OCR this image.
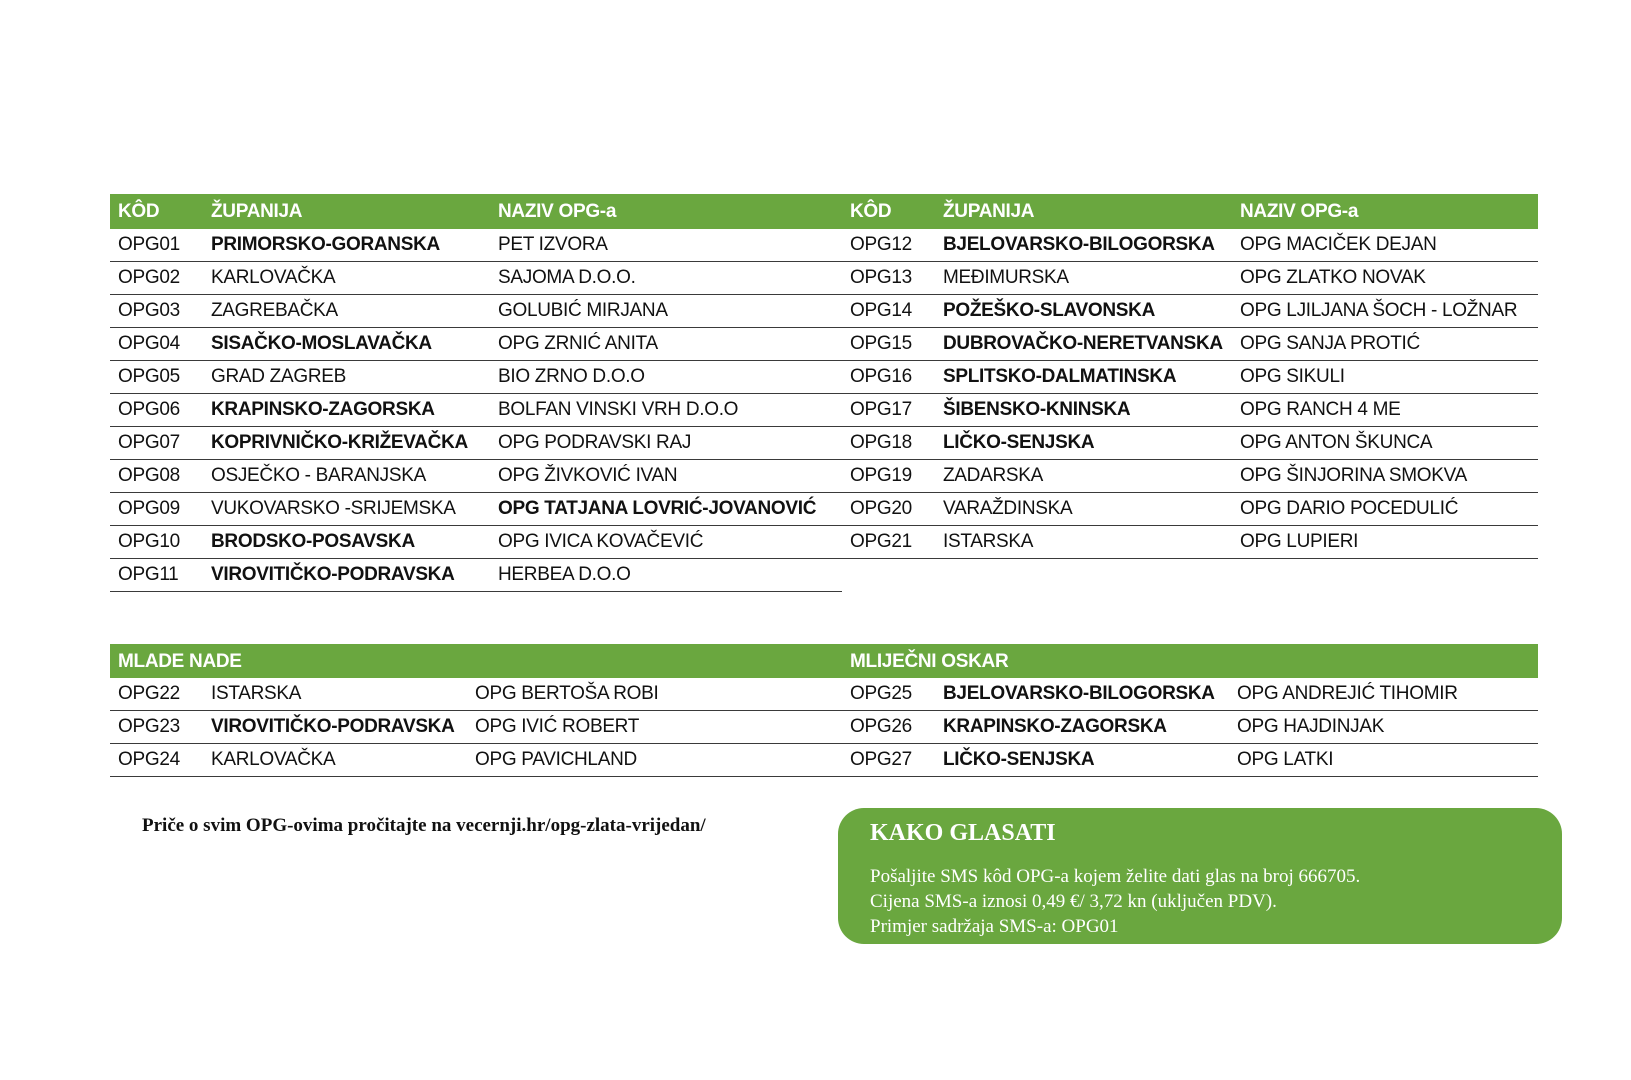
KÔD	ŽUPANIJA	NAZIV OPG-a	KÔD	ŽUPANIJA	NAZIV OPG-a
OPG01 PRIMORSKO-GORANSKA	PET IZVORA
OPG02 KARLOVAČKA	SAJOMA D.O.O.
OPG03 ZAGREBAČKA	GOLUBIĆ MIRJANA
OPG04 SISAČKO-MOSLAVAČKA	OPG ZRNIĆ ANITA
OPG05 GRAD ZAGREB	BIO ZRNO D.O.O
OPG06 KRAPINSKO-ZAGORSKA	BOLFAN VINSKI VRH D.O.O
OPG07 KOPRIVNIČKO-KRIŽEVAČKA OPG PODRAVSKI RAJ
OPG08 OSJEČKO - BARANJSKA	OPG ŽIVKOVIĆ IVAN
OPG09 VUKOVARSKO -SRIJEMSKA OPG TATJANA LOVRIĆ-JOVANOVIĆ
OPG10 BRODSKO-POSAVSKA	OPG IVICA KOVAČEVIĆ
OPG11 VIROVITIČKO-PODRAVSKA HERBEA D.O.O
OPG12 BJELOVARSKO-BILOGORSKA OPG MACIČEK DEJAN
OPG13 MEĐIMURSKA	OPG ZLATKO NOVAK
OPG14 POŽEŠKO-SLAVONSKA	OPG LJILJANA ŠOCH - LOŽNAR
OPG15 DUBROVAČKO-NERETVANSKA OPG SANJA PROTIĆ
OPG16 SPLITSKO-DALMATINSKA	OPG SIKULI
OPG17 ŠIBENSKO-KNINSKA	OPG RANCH 4 ME
OPG18 LIČKO-SENJSKA	OPG ANTON ŠKUNCA
OPG19 ZADARSKA	OPG ŠINJORINA SMOKVA
OPG20 VARAŽDINSKA	OPG DARIO POCEDULIĆ
OPG21 ISTARSKA	OPG LUPIERI
MLADE NADE	MLIJEČNI OSKAR
OPG22 ISTARSKA	OPG BERTOŠA ROBI
OPG23 VIROVITIČKO-PODRAVSKA OPG IVIĆ ROBERT
OPG24 KARLOVAČKA	OPG PAVICHLAND
OPG25 BJELOVARSKO-BILOGORSKA OPG ANDREJIĆ TIHOMIR
OPG26 KRAPINSKO-ZAGORSKA	OPG HAJDINJAK
OPG27 LIČKO-SENJSKA	OPG LATKI
Priče o svim OPG-ovima pročitajte na vecernji.hr/opg-zlata-vrijedan/	KAKO GLASATI
Pošaljite SMS kôd OPG-a kojem želite dati glas na broj 666705.
Cijena SMS-a iznosi 0,49 €/ 3,72 kn (uključen PDV).
Primjer sadržaja SMS-a: OPG01
